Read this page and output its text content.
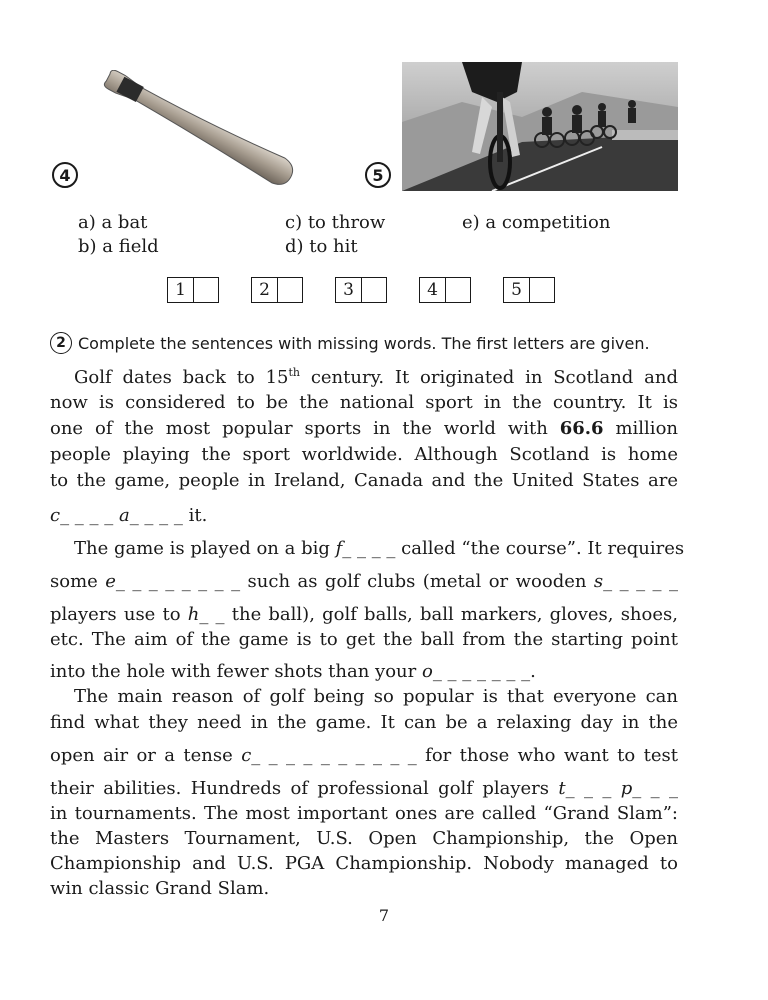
4	5
a) a bat
b) a field
c) to throw
d) to hit
e) a competition
1	2	3	4	5
2 Complete the sentences with missing words. The first letters are given.
Golf dates back to 15th century. It originated in Scotland and
now is considered to be the national sport in the country. It is
one of the most popular sports in the world with 66.6 million
people playing the sport worldwide. Although Scotland is home
to the game, people in Ireland, Canada and the United States are
c_ _ _ _ a_ _ _ _ it.
The game is played on a big f_ _ _ _ called “the course”. It requires
some e_ _ _ _ _ _ _ _ such as golf clubs (metal or wooden s_ _ _ _ _
players use to h_ _ the ball), golf balls, ball markers, gloves, shoes,
etc. The aim of the game is to get the ball from the starting point
into the hole with fewer shots than your o_ _ _ _ _ _ _.
The main reason of golf being so popular is that everyone can
find what they need in the game. It can be a relaxing day in the
open air or a tense c_ _ _ _ _ _ _ _ _ _ for those who want to test
their abilities. Hundreds of professional golf players t_ _ _ p_ _ _
in tournaments. The most important ones are called “Grand Slam”:
the Masters Tournament, U.S. Open Championship, the Open
Championship and U.S. PGA Championship. Nobody managed to
win classic Grand Slam.
7
